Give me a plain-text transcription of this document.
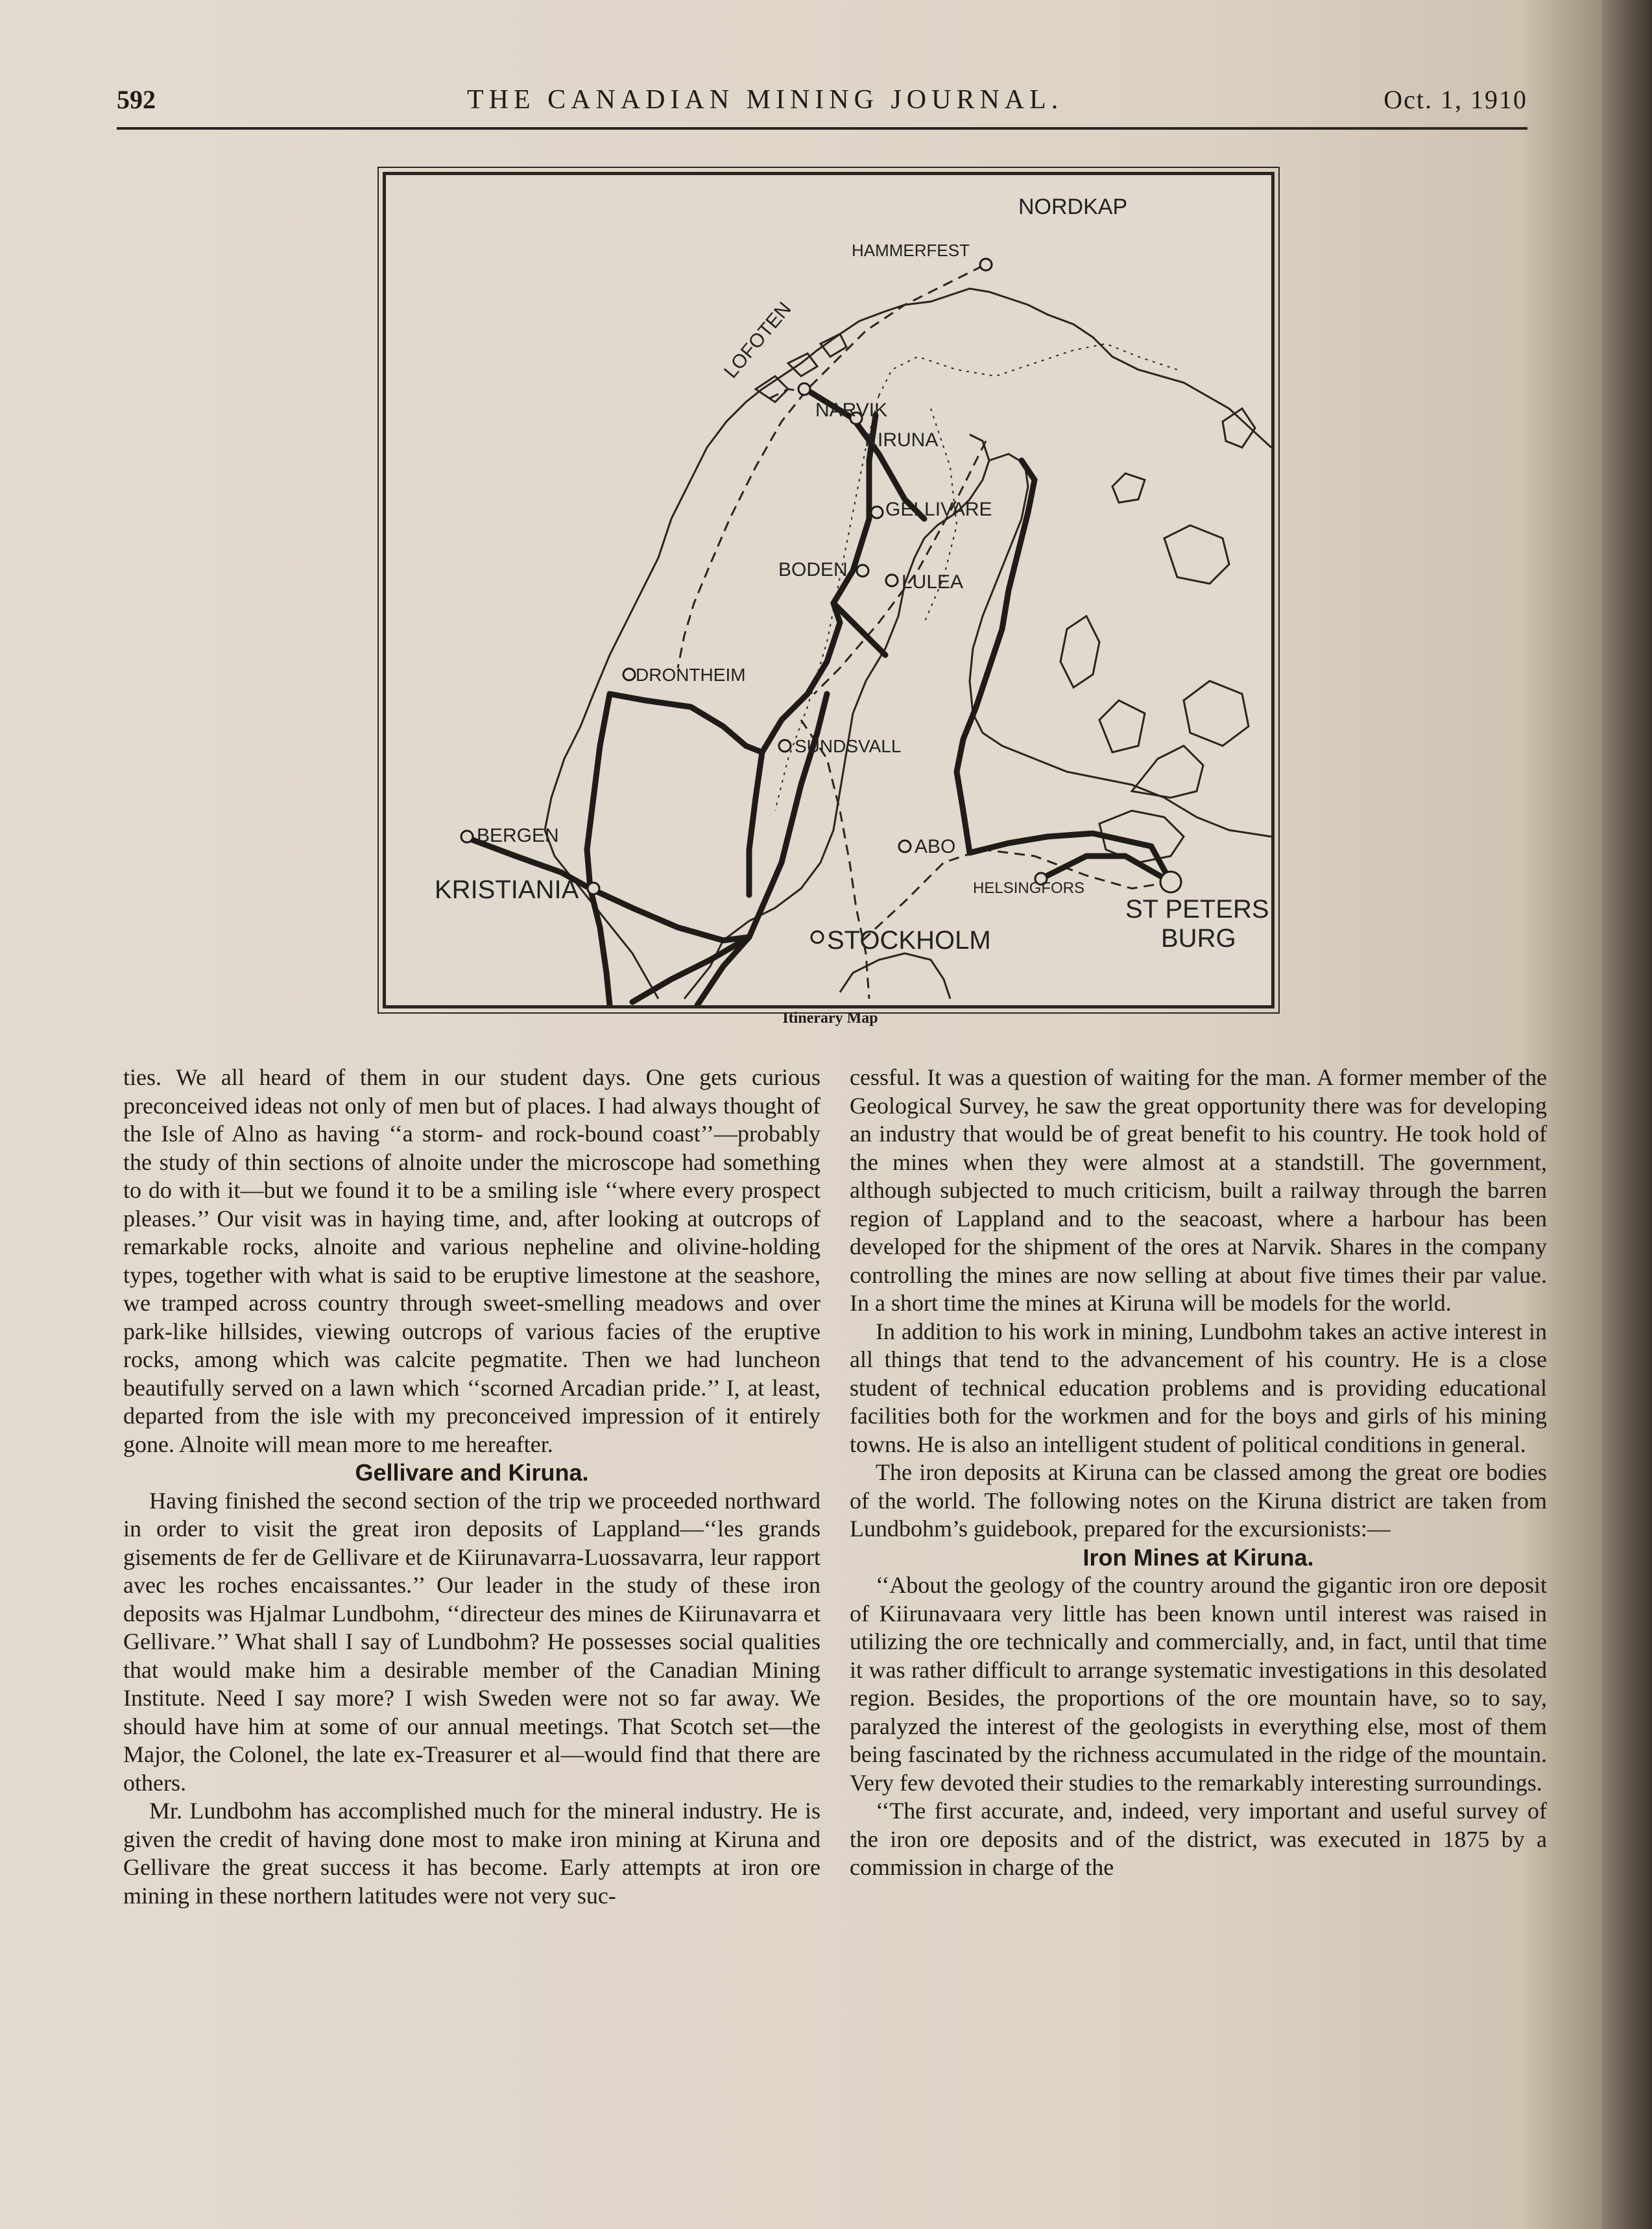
592	THE CANADIAN MINING JOURNAL.	Oct. 1, 1910
NORDKAP
HAMMERFEST
LOFOTEN
NARVIK
KIRUNA
GELLIVARE
BODEN
LULEA
DRONTHEIM
SUNDSVALL
BERGEN
KRISTIANIA
ABO
HELSINGFORS
ST PETERS
BURG
STOCKHOLM
Itinerary Map

ties. We all heard of them in our student days. One gets curious preconceived ideas not only of men but of places. I had always thought of the Isle of Alno as having ‘‘a storm- and rock-bound coast’’—probably the study of thin sections of alnoite under the microscope had something to do with it—but we found it to be a smiling isle ‘‘where every prospect pleases.’’ Our visit was in haying time, and, after looking at outcrops of remarkable rocks, alnoite and various nepheline and olivine-holding types, together with what is said to be eruptive limestone at the seashore, we tramped across country through sweet-smelling meadows and over park-like hillsides, viewing outcrops of various facies of the eruptive rocks, among which was calcite pegmatite. Then we had luncheon beautifully served on a lawn which ‘‘scorned Arcadian pride.’’ I, at least, departed from the isle with my preconceived impression of it entirely gone. Alnoite will mean more to me hereafter.

Gellivare and Kiruna.

Having finished the second section of the trip we proceeded northward in order to visit the great iron deposits of Lappland—‘‘les grands gisements de fer de Gellivare et de Kiirunavarra-Luossavarra, leur rapport avec les roches encaissantes.’’ Our leader in the study of these iron deposits was Hjalmar Lundbohm, ‘‘directeur des mines de Kiirunavarra et Gellivare.’’ What shall I say of Lundbohm? He possesses social qualities that would make him a desirable member of the Canadian Mining Institute. Need I say more? I wish Sweden were not so far away. We should have him at some of our annual meetings. That Scotch set—the Major, the Colonel, the late ex-Treasurer et al—would find that there are others.

Mr. Lundbohm has accomplished much for the mineral industry. He is given the credit of having done most to make iron mining at Kiruna and Gellivare the great success it has become. Early attempts at iron ore mining in these northern latitudes were not very suc-

cessful. It was a question of waiting for the man. A former member of the Geological Survey, he saw the great opportunity there was for developing an industry that would be of great benefit to his country. He took hold of the mines when they were almost at a standstill. The government, although subjected to much criticism, built a railway through the barren region of Lappland and to the seacoast, where a harbour has been developed for the shipment of the ores at Narvik. Shares in the company controlling the mines are now selling at about five times their par value. In a short time the mines at Kiruna will be models for the world.

In addition to his work in mining, Lundbohm takes an active interest in all things that tend to the advancement of his country. He is a close student of technical education problems and is providing educational facilities both for the workmen and for the boys and girls of his mining towns. He is also an intelligent student of political conditions in general.

The iron deposits at Kiruna can be classed among the great ore bodies of the world. The following notes on the Kiruna district are taken from Lundbohm’s guidebook, prepared for the excursionists:—

Iron Mines at Kiruna.

‘‘About the geology of the country around the gigantic iron ore deposit of Kiirunavaara very little has been known until interest was raised in utilizing the ore technically and commercially, and, in fact, until that time it was rather difficult to arrange systematic investigations in this desolated region. Besides, the proportions of the ore mountain have, so to say, paralyzed the interest of the geologists in everything else, most of them being fascinated by the richness accumulated in the ridge of the mountain. Very few devoted their studies to the remarkably interesting surroundings.

‘‘The first accurate, and, indeed, very important and useful survey of the iron ore deposits and of the district, was executed in 1875 by a commission in charge of the
